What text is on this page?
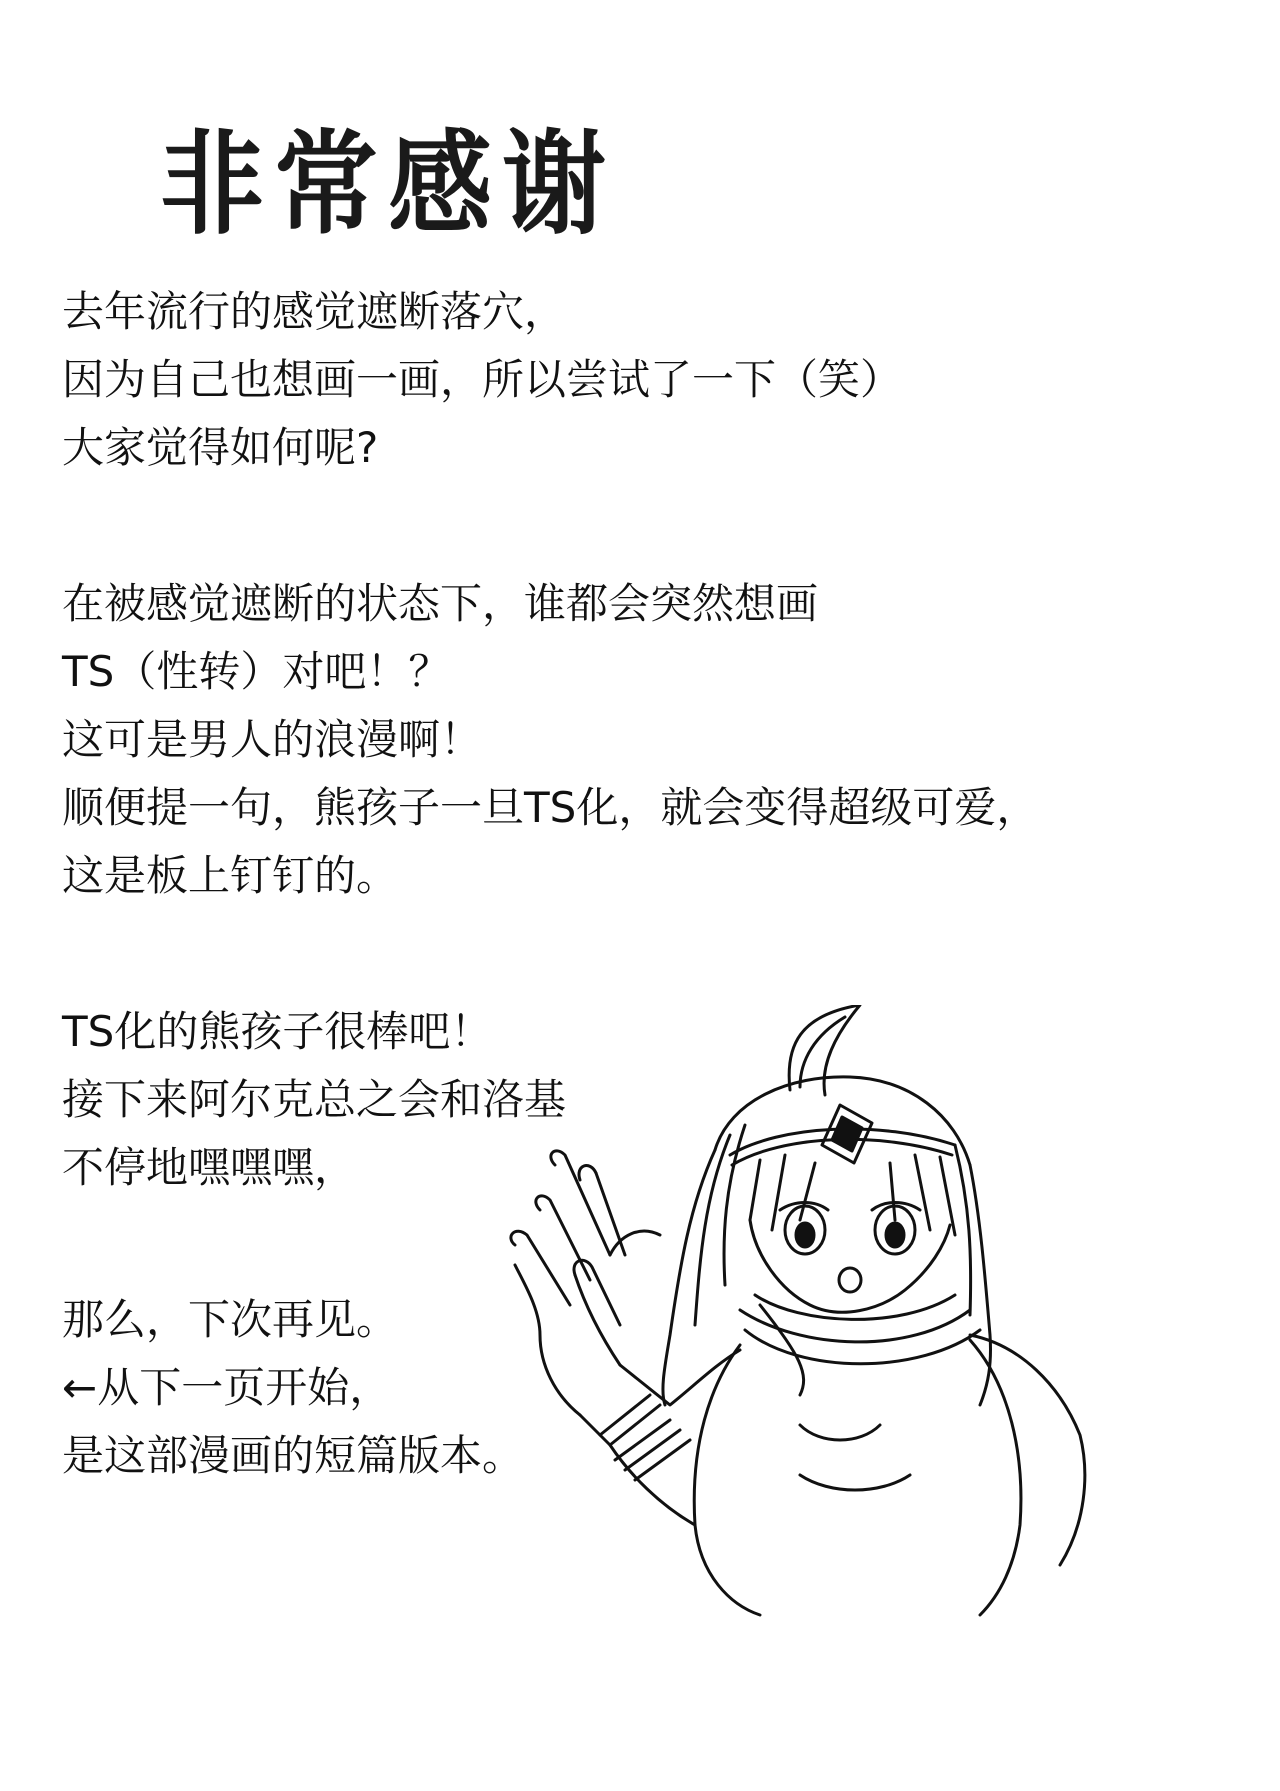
非常感谢
去年流行的感觉遮断落穴，
因为自己也想画一画，所以尝试了一下（笑）
大家觉得如何呢?
在被感觉遮断的状态下，谁都会突然想画
TS（性转）对吧！？
这可是男人的浪漫啊！
顺便提一句，熊孩子一旦TS化，就会变得超级可爱，
这是板上钉钉的。
TS化的熊孩子很棒吧！
接下来阿尔克总之会和洛基
不停地嘿嘿嘿，
那么，下次再见。
←从下一页开始，
是这部漫画的短篇版本。
